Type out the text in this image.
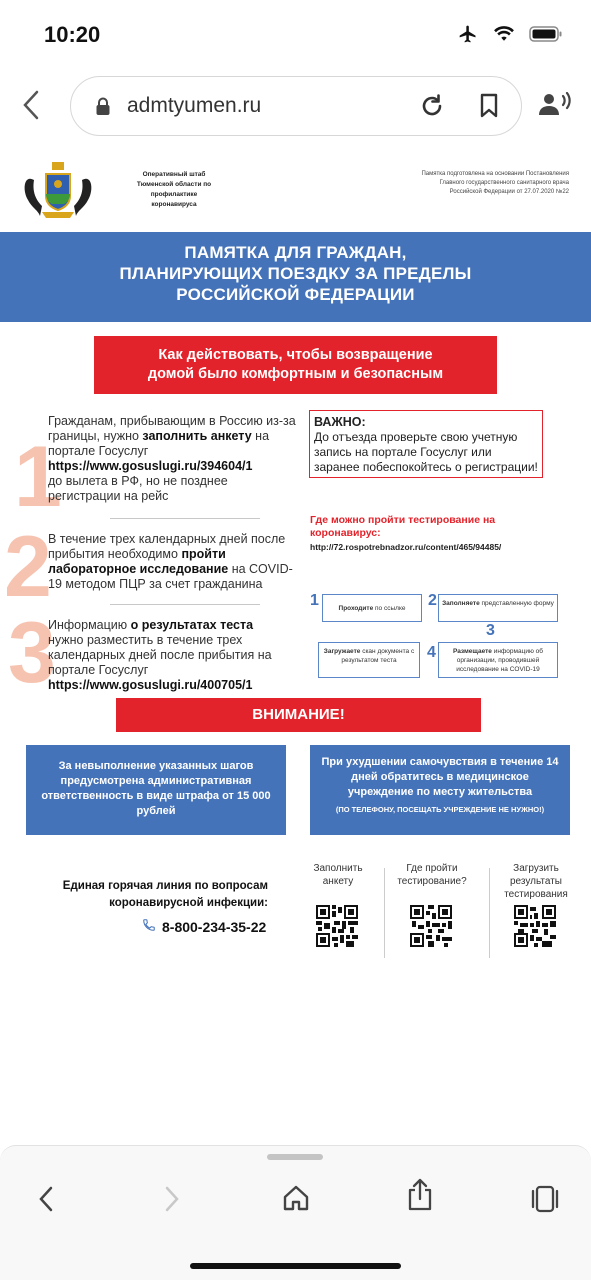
10:20
admtyumen.ru
Оперативный штаб Тюменской области по профилактике коронавируса
Памятка подготовлена на основании Постановления Главного государственного санитарного врача Российской Федерации от 27.07.2020 №22
ПАМЯТКА ДЛЯ ГРАЖДАН,
ПЛАНИРУЮЩИХ ПОЕЗДКУ ЗА ПРЕДЕЛЫ
РОССИЙСКОЙ ФЕДЕРАЦИИ
Как действовать, чтобы возвращение
домой было комфортным и безопасным
1
Гражданам, прибывающим в Россию из-за границы, нужно заполнить анкету на портале Госуслуг
https://www.gosuslugi.ru/394604/1
до вылета в РФ, но не позднее регистрации на рейс
2
В течение трех календарных дней после прибытия необходимо пройти лабораторное исследование на COVID-19 методом ПЦР за счет гражданина
3
Информацию о результатах теста нужно разместить в течение трех календарных дней после прибытия на портале Госуслуг
https://www.gosuslugi.ru/400705/1
ВАЖНО:
До отъезда проверьте свою учетную запись на портале Госуслуг или заранее побеспокойтесь о регистрации!
Где можно пройти тестирование на коронавирус:
http://72.rospotrebnadzor.ru/content/465/94485/
1	Проходите по ссылке	2 Заполняете представленную форму
3
Размещаете информацию об организации, проводившей исследование на COVID-19
4
Загружаете скан документа с результатом теста
ВНИМАНИЕ!
За невыполнение указанных шагов предусмотрена административная ответственность в виде штрафа от 15 000 рублей
При ухудшении самочувствия в течение 14 дней обратитесь в медицинское учреждение по месту жительства
(ПО ТЕЛЕФОНУ, ПОСЕЩАТЬ УЧРЕЖДЕНИЕ НЕ НУЖНО!)
Единая горячая линия по вопросам коронавирусной инфекции:
8-800-234-35-22
Заполнить анкету
Где пройти тестирование?
Загрузить результаты тестирования
